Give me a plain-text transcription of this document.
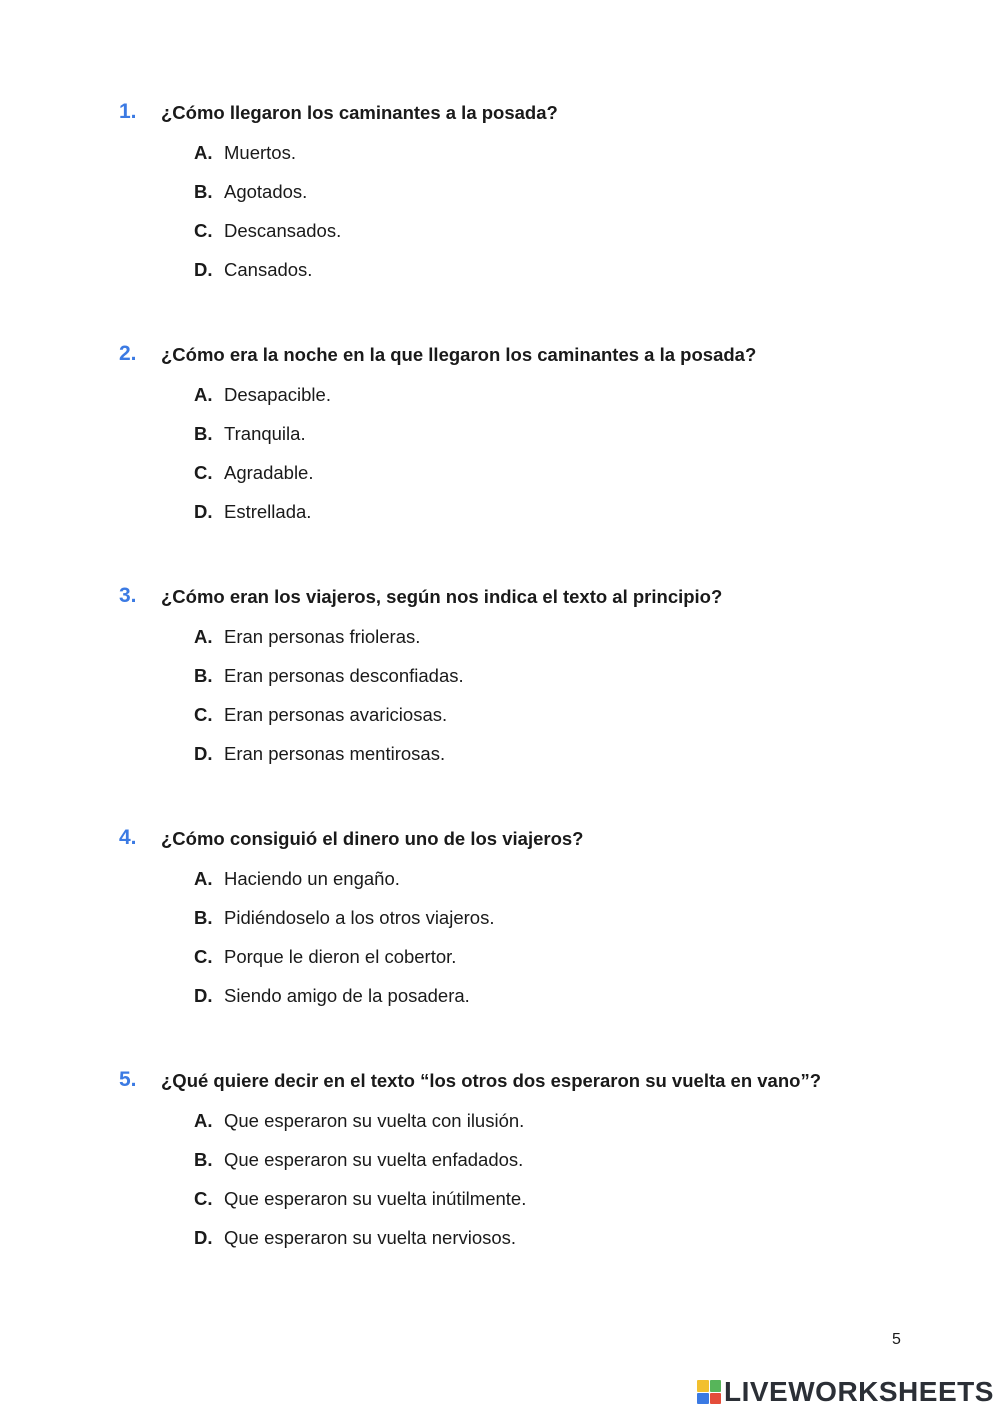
1. ¿Cómo llegaron los caminantes a la posada?
A. Muertos.
B. Agotados.
C. Descansados.
D. Cansados.
2. ¿Cómo era la noche en la que llegaron los caminantes a la posada?
A. Desapacible.
B. Tranquila.
C. Agradable.
D. Estrellada.
3. ¿Cómo eran los viajeros, según nos indica el texto al principio?
A. Eran personas frioleras.
B. Eran personas desconfiadas.
C. Eran personas avariciosas.
D. Eran personas mentirosas.
4. ¿Cómo consiguió el dinero uno de los viajeros?
A. Haciendo un engaño.
B. Pidiéndoselo a los otros viajeros.
C. Porque le dieron el cobertor.
D. Siendo amigo de la posadera.
5. ¿Qué quiere decir en el texto “los otros dos esperaron su vuelta en vano”?
A. Que esperaron su vuelta con ilusión.
B. Que esperaron su vuelta enfadados.
C. Que esperaron su vuelta inútilmente.
D. Que esperaron su vuelta nerviosos.
5
LIVEWORKSHEETS
